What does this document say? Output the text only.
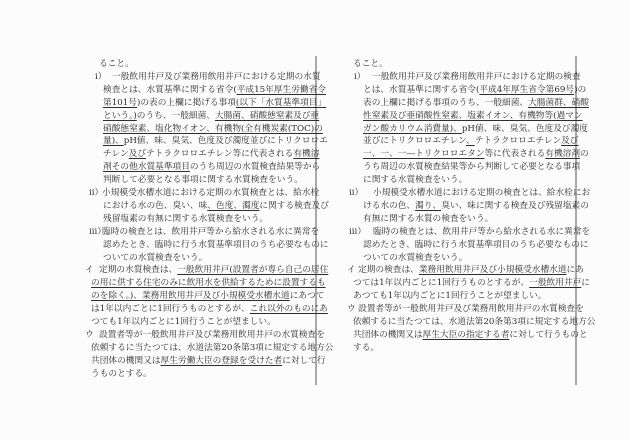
ること。
i） 一般飲用井戸及び業務用飲用井戸における定期の水質
検査とは、水質基準に関する省令(平成15年厚生労働省令
第101号)の表の上欄に掲げる事項(以下「水質基準項目」
という。)のうち、一般細菌、大腸菌、硝酸態窒素及び亜
硝酸態窒素、塩化物イオン、有機物(全有機炭素(TOC)の
量)、pH値、味、臭気、色度及び濁度並びにトリクロロエ
チレン及びテトラクロロエチレン等に代表される有機溶
剤その他水質基準項目のうち周辺の水質検査結果等から
判断して必要となる事項に関する水質検査をいう。
ii）
小規模受水槽水道における定期の水質検査とは、給水栓
における水の色、臭い、味、色度、濁度に関する検査及び
残留塩素の有無に関する水質検査をいう。
iii）
臨時の検査とは、飲用井戸等から給水される水に異常を
認めたとき、臨時に行う水質基準項目のうち必要なものに
ついての水質検査をいう。
イ 定期の水質検査は、一般飲用井戸(設置者が専ら自己の居住
の用に供する住宅のみに飲用水を供給するために設置するも
のを除く。)、業務用飲用井戸及び小規模受水槽水道にあつて
は1年以内ごとに1回行うものとするが、これ以外のものにあ
つても1年以内ごとに1回行うことが望ましい。
ウ 設置者等が一般飲用井戸及び業務用飲用井戸の水質検査を
依頼するに当たつては、水道法第20条第3項に規定する地方公
共団体の機関又は厚生労働大臣の登録を受けた者に対して行
うものとする。
ること。
i） 一般飲用井戸及び業務用飲用井戸における定期の検査
とは、水質基準に関する省令(平成4年厚生省令第69号)の
表の上欄に掲げる事項のうち、一般細菌、大腸菌群、硝酸
性窒素及び亜硝酸性窒素、塩素イオン、有機物等(過マン
ガン酸カリウム消費量)、pH値、味、臭気、色度及び濁度
並びにトリクロロエチレン、テトラクロロエチレン及び
一、一、一―トリクロロエタン等に代表される有機溶剤の
うち周辺の水質検査結果等から判断して必要となる事項
に関する水質検査をいう。
ii） 小規模受水槽水道における定期の検査とは、給水栓にお
ける水の色、濁り、臭い、味に関する検査及び残留塩素の
有無に関する水質の検査をいう。
iii） 臨時の検査とは、飲用井戸等から給水される水に異常を
認めたとき、臨時に行う水質基準項目のうち必要なものに
ついての水質検査をいう。
イ 定期の検査は、業務用飲用井戸及び小規模受水槽水道にあ
つては1年以内ごとに1回行うものとするが、一般飲用井戸に
あつても1年以内ごとに1回行うことが望ましい。
ウ 設置者等が一般飲用井戸及び業務用飲用井戸の水質検査を
依頼するに当たつては、水道法第20条第3項に規定する地方公
共団体の機関又は厚生大臣の指定する者に対して行うものと
する。
